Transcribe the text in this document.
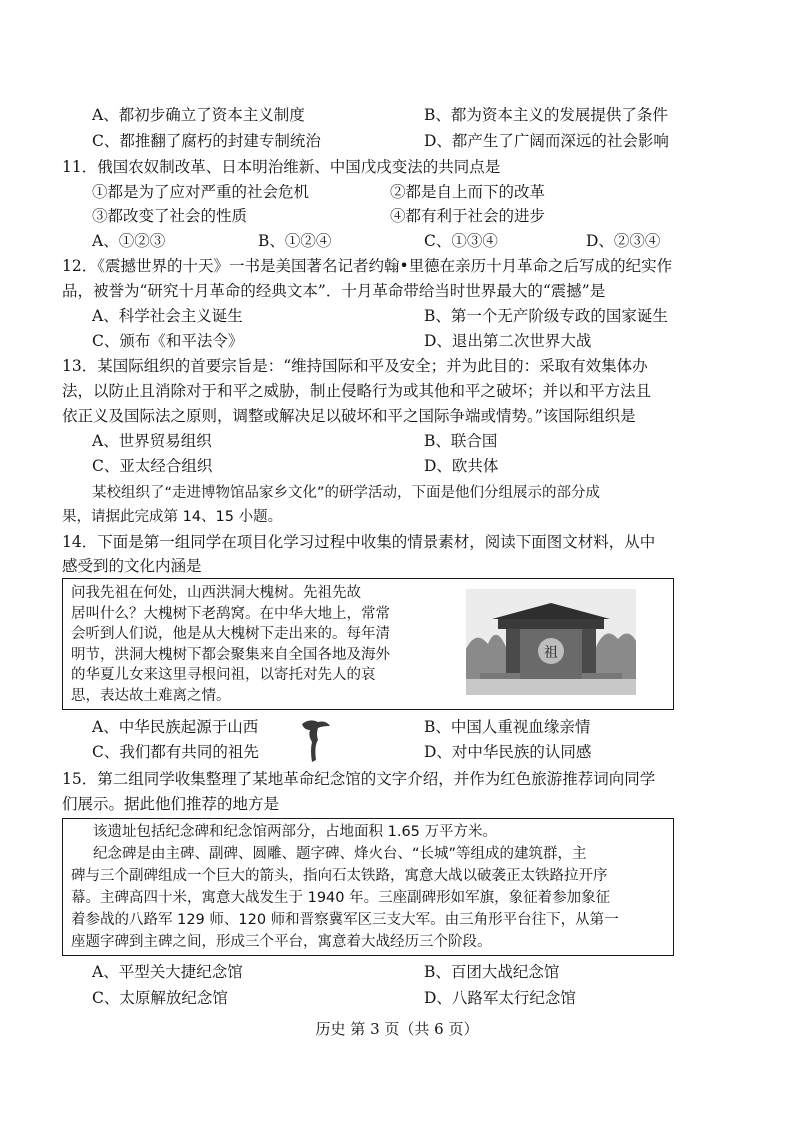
A、都初步确立了资本主义制度	B、都为资本主义的发展提供了条件
C、都推翻了腐朽的封建专制统治	D、都产生了广阔而深远的社会影响
11．俄国农奴制改革、日本明治维新、中国戊戌变法的共同点是
①都是为了应对严重的社会危机	②都是自上而下的改革
③都改变了社会的性质	④都有利于社会的进步
A、①②③	B、①②④	C、①③④	D、②③④
12．《震撼世界的十天》一书是美国著名记者约翰•里德在亲历十月革命之后写成的纪实作
品，被誉为“研究十月革命的经典文本”．十月革命带给当时世界最大的“震撼”是
A、科学社会主义诞生	B、第一个无产阶级专政的国家诞生
C、颁布《和平法令》	D、退出第二次世界大战
13．某国际组织的首要宗旨是：“维持国际和平及安全；并为此目的：采取有效集体办
法，以防止且消除对于和平之威胁，制止侵略行为或其他和平之破坏；并以和平方法且
依正义及国际法之原则，调整或解决足以破坏和平之国际争端或情势。”该国际组织是
A、世界贸易组织	B、联合国
C、亚太经合组织	D、欧共体
某校组织了“走进博物馆品家乡文化”的研学活动，下面是他们分组展示的部分成
果，请据此完成第 14、15 小题。
14．下面是第一组同学在项目化学习过程中收集的情景素材，阅读下面图文材料，从中
感受到的文化内涵是
问我先祖在何处，山西洪洞大槐树。先祖先故
居叫什么？大槐树下老鸹窝。在中华大地上，常常
会听到人们说，他是从大槐树下走出来的。每年清
明节，洪洞大槐树下都会聚集来自全国各地及海外
的华夏儿女来这里寻根问祖，以寄托对先人的哀
思，表达故土难离之情。
祖
A、中华民族起源于山西	B、中国人重视血缘亲情
C、我们都有共同的祖先	D、对中华民族的认同感
15．第二组同学收集整理了某地革命纪念馆的文字介绍，并作为红色旅游推荐词向同学
们展示。据此他们推荐的地方是
该遗址包括纪念碑和纪念馆两部分，占地面积 1.65 万平方米。
纪念碑是由主碑、副碑、圆雕、题字碑、烽火台、“长城”等组成的建筑群，主
碑与三个副碑组成一个巨大的箭头，指向石太铁路，寓意大战以破袭正太铁路拉开序
幕。主碑高四十米，寓意大战发生于 1940 年。三座副碑形如军旗，象征着参加象征
着参战的八路军 129 师、120 师和晋察冀军区三支大军。由三角形平台往下，从第一
座题字碑到主碑之间，形成三个平台，寓意着大战经历三个阶段。
A、平型关大捷纪念馆	B、百团大战纪念馆
C、太原解放纪念馆	D、八路军太行纪念馆
历史 第 3 页（共 6 页）
